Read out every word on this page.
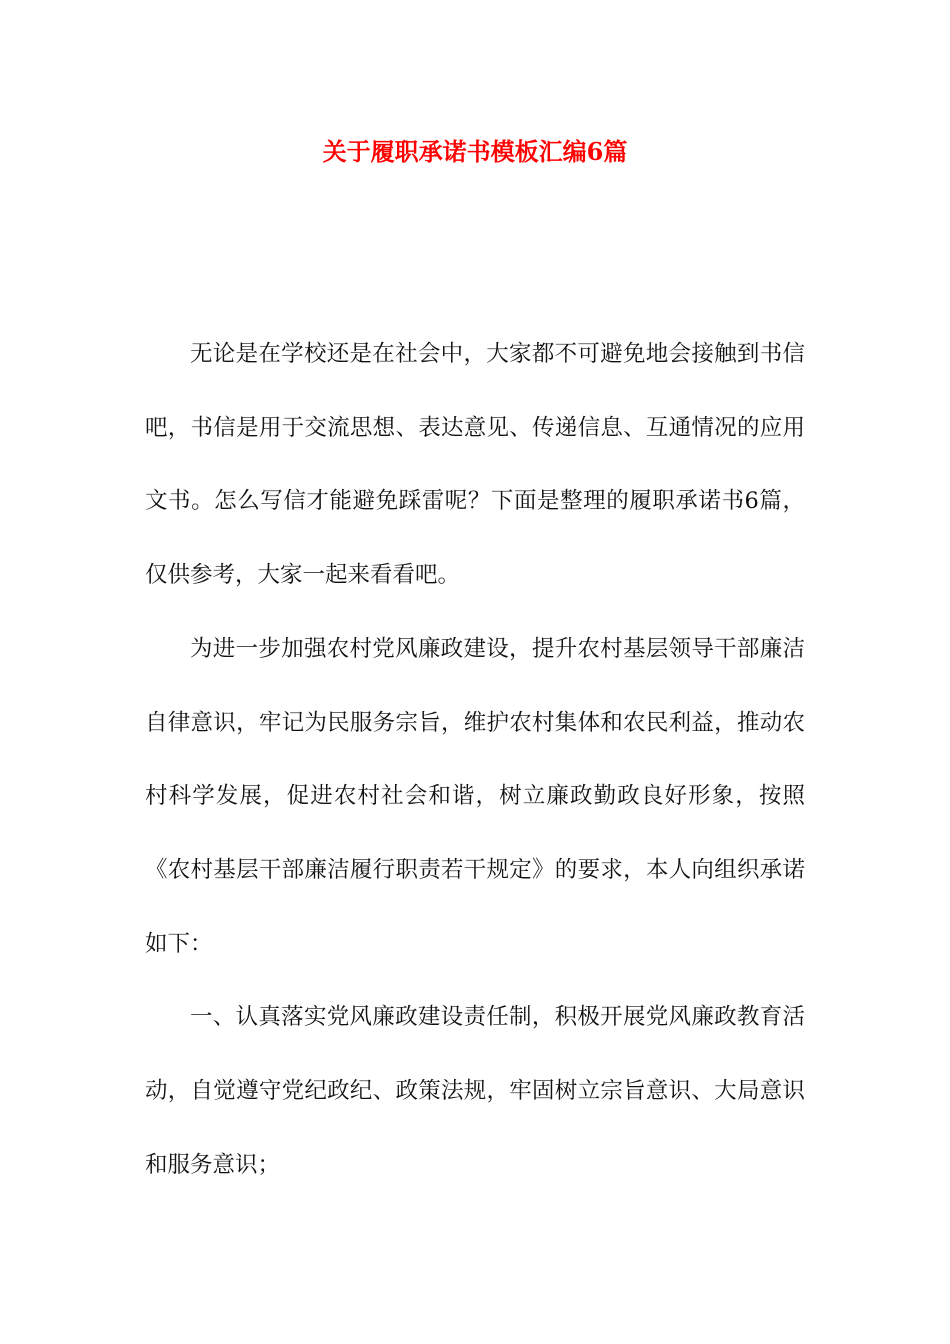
关于履职承诺书模板汇编6篇

无论是在学校还是在社会中，大家都不可避免地会接触到书信吧，书信是用于交流思想、表达意见、传递信息、互通情况的应用文书。怎么写信才能避免踩雷呢？下面是整理的履职承诺书6篇，仅供参考，大家一起来看看吧。

为进一步加强农村党风廉政建设，提升农村基层领导干部廉洁自律意识，牢记为民服务宗旨，维护农村集体和农民利益，推动农村科学发展，促进农村社会和谐，树立廉政勤政良好形象，按照《农村基层干部廉洁履行职责若干规定》的要求，本人向组织承诺如下：

一、认真落实党风廉政建设责任制，积极开展党风廉政教育活动，自觉遵守党纪政纪、政策法规，牢固树立宗旨意识、大局意识和服务意识；
